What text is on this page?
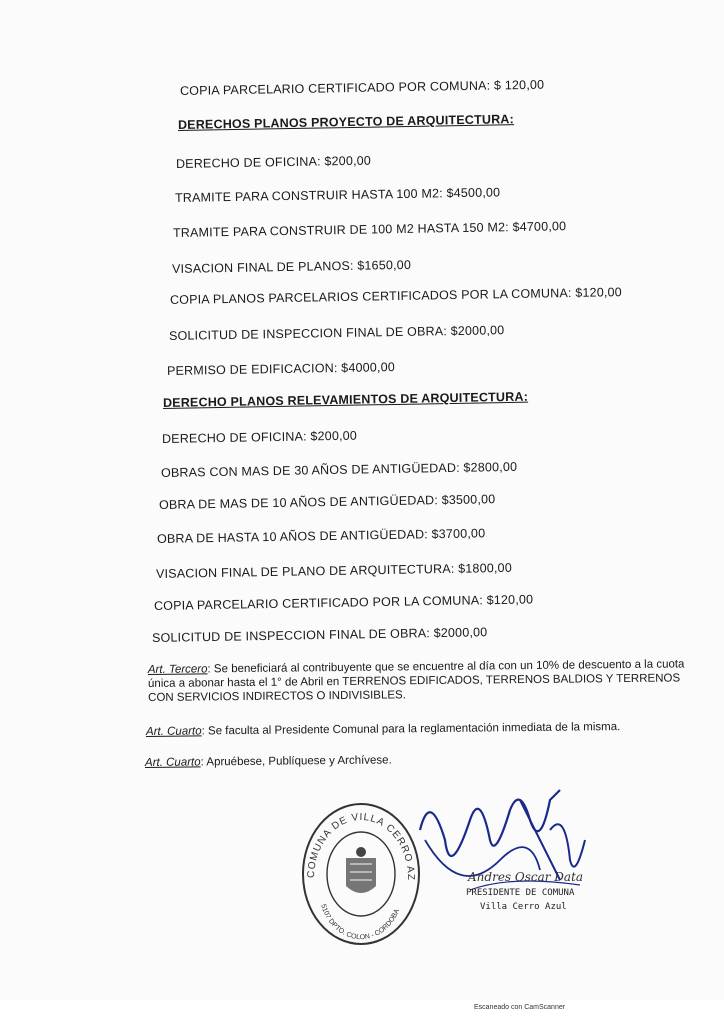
COPIA PARCELARIO CERTIFICADO POR COMUNA: $ 120,00
DERECHOS PLANOS PROYECTO DE ARQUITECTURA:
DERECHO DE OFICINA: $200,00
TRAMITE PARA CONSTRUIR HASTA 100 M2: $4500,00
TRAMITE PARA CONSTRUIR DE 100 M2 HASTA 150 M2: $4700,00
VISACION FINAL DE PLANOS: $1650,00
COPIA PLANOS PARCELARIOS CERTIFICADOS POR LA COMUNA: $120,00
SOLICITUD DE INSPECCION FINAL DE OBRA: $2000,00
PERMISO DE EDIFICACION: $4000,00
DERECHO PLANOS RELEVAMIENTOS DE ARQUITECTURA:
DERECHO DE OFICINA: $200,00
OBRAS CON MAS DE 30 AÑOS DE ANTIGÜEDAD: $2800,00
OBRA DE MAS DE 10 AÑOS DE ANTIGÜEDAD: $3500,00
OBRA DE HASTA 10 AÑOS DE ANTIGÜEDAD: $3700,00
VISACION FINAL DE PLANO DE ARQUITECTURA: $1800,00
COPIA PARCELARIO CERTIFICADO POR LA COMUNA: $120,00
SOLICITUD DE INSPECCION FINAL DE OBRA: $2000,00
Art. Tercero: Se beneficiará al contribuyente que se encuentre al día con un 10% de descuento a la cuota única a abonar hasta el 1° de Abril en TERRENOS EDIFICADOS, TERRENOS BALDIOS Y TERRENOS CON SERVICIOS INDIRECTOS O INDIVISIBLES.
Art. Cuarto: Se faculta al Presidente Comunal para la reglamentación inmediata de la misma.
Art. Cuarto: Apruébese, Publíquese y Archívese.
COMUNA DE VILLA CERRO AZ
5107 DPTO. COLON - CORDOBA
Andres Oscar Data
PRESIDENTE DE COMUNA
Villa Cerro Azul
Escaneado con CamScanner
